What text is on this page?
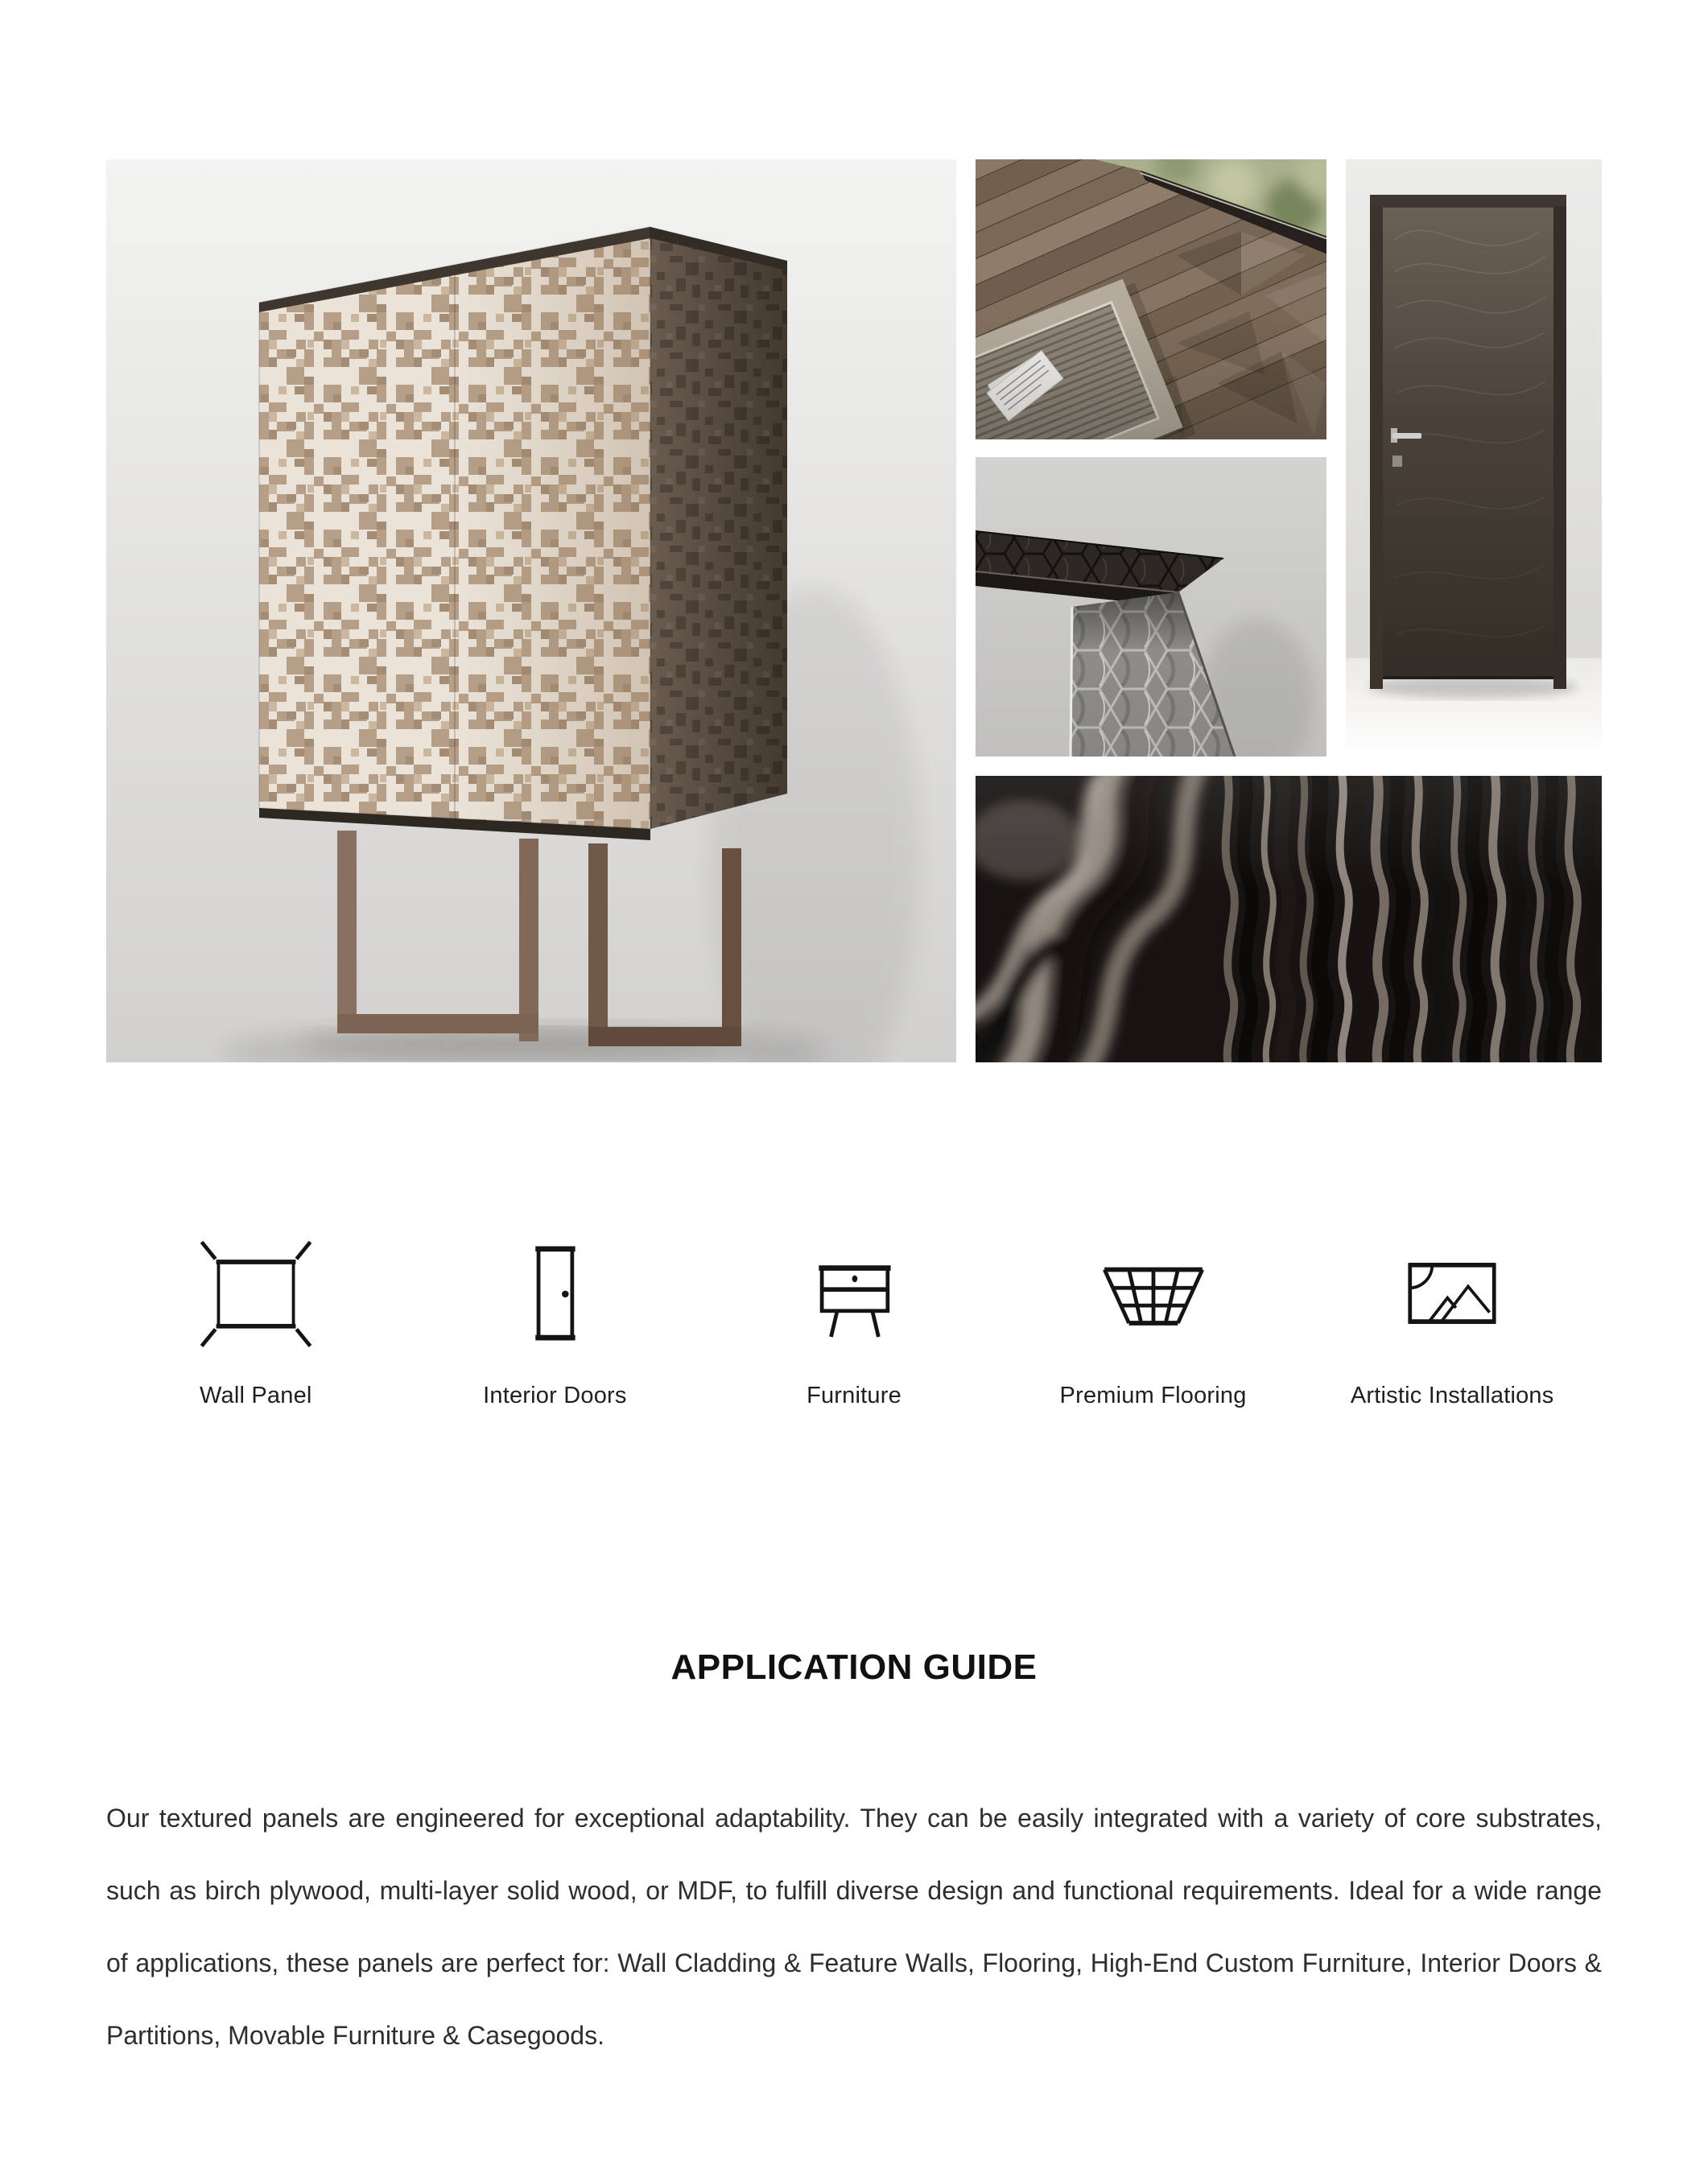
Wall Panel	Interior Doors	Furniture	Premium Flooring	Artistic Installations
APPLICATION GUIDE

Our textured panels are engineered for exceptional adaptability. They can be easily integrated with a variety of core substrates, such as birch plywood, multi-layer solid wood, or MDF, to fulfill diverse design and functional requirements. Ideal for a wide range of applications, these panels are perfect for: Wall Cladding & Feature Walls, Flooring, High-End Custom Furniture, Interior Doors & Partitions, Movable Furniture & Casegoods.
